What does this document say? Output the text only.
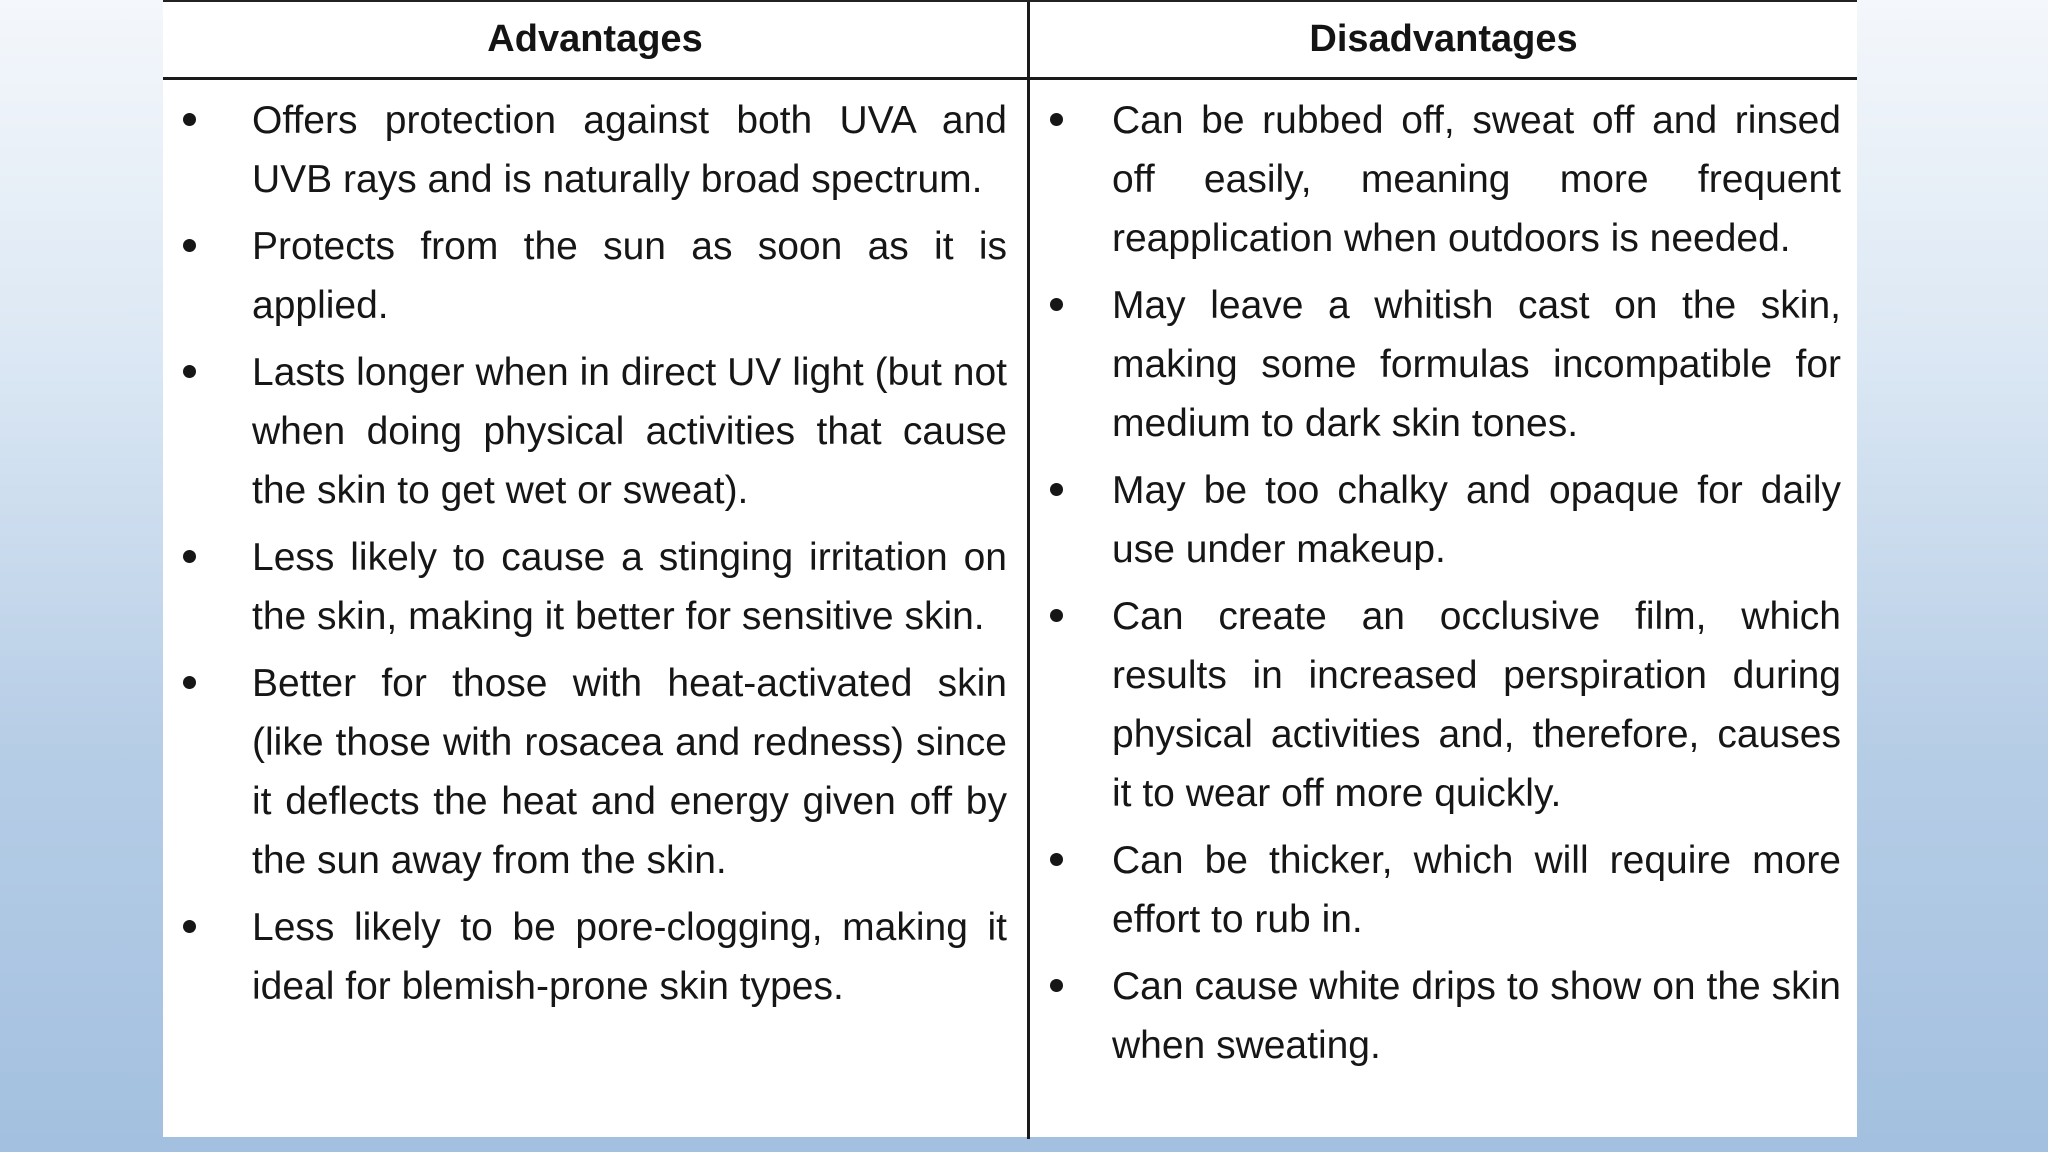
Advantages	Disadvantages
Offers protection against both UVA and UVB rays and is naturally broad spectrum.
Protects from the sun as soon as it is applied.
Lasts longer when in direct UV light (but not when doing physical activities that cause the skin to get wet or sweat).
Less likely to cause a stinging irritation on the skin, making it better for sensitive skin.
Better for those with heat-activated skin (like those with rosacea and redness) since it deflects the heat and energy given off by the sun away from the skin.
Less likely to be pore-clogging, making it ideal for blemish-prone skin types.
Can be rubbed off, sweat off and rinsed off easily, meaning more frequent reapplication when outdoors is needed.
May leave a whitish cast on the skin, making some formulas incompatible for medium to dark skin tones.
May be too chalky and opaque for daily use under makeup.
Can create an occlusive film, which results in increased perspiration during physical activities and, therefore, causes it to wear off more quickly.
Can be thicker, which will require more effort to rub in.
Can cause white drips to show on the skin when sweating.
